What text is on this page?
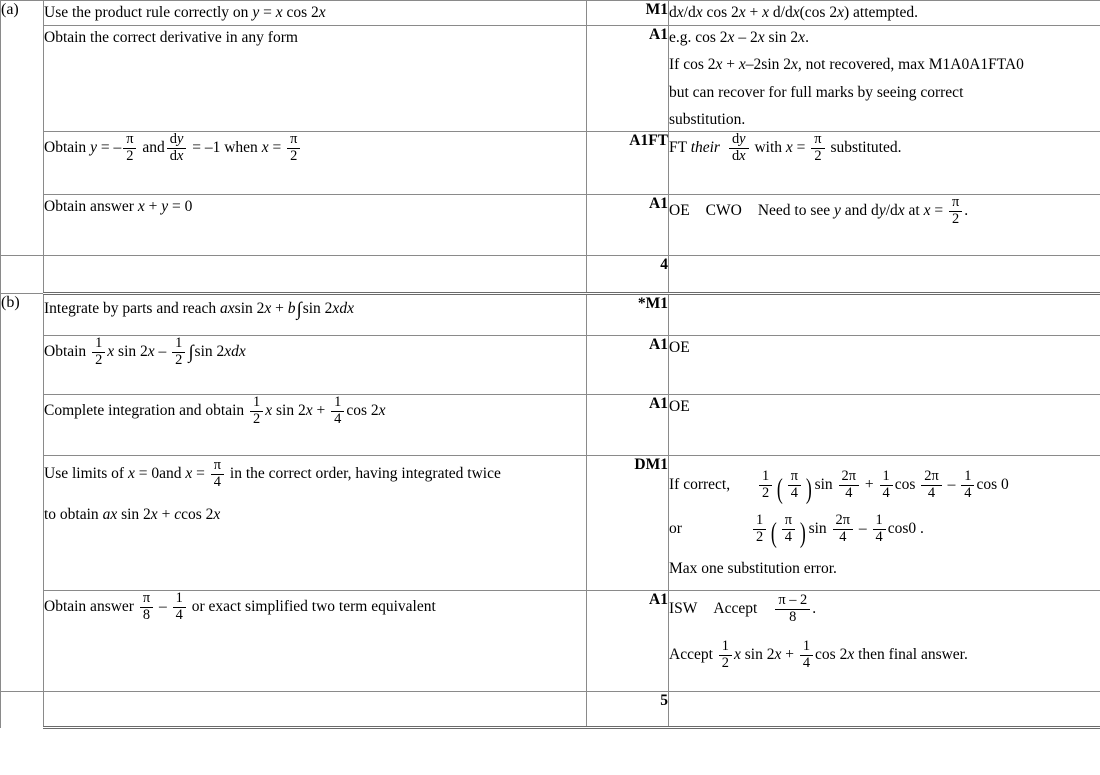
(a)	Use the product rule correctly on y = x cos 2x	M1	dx/dx cos 2x + x d/dx(cos 2x) attempted.
	Obtain the correct derivative in any form	A1	e.g. cos 2x – 2x sin 2x.
If cos 2x + x–2sin 2x, not recovered, max M1A0A1FTA0
but can recover for full marks by seeing correct
substitution.

Obtain y = – $\frac{\pi}{2}$ and $\frac{dy}{dx} = -1$ when $x = \frac{\pi}{2}$	A1FT	FT their $\frac{dy}{dx}$ with $x = \frac{\pi}{2}$ substituted.
	Obtain answer x + y = 0	A1	OE CWO Need to see y and dy/dx at $x = \frac{\pi}{2}$ .
		4	
(b)	Integrate by parts and reach axsin 2x + b∫sin 2xdx	*M1	
Obtain $\frac{1}{2}$ x $\sin 2x - \frac{1}{2} \int\sin$ 2xdx	A1	OE
Complete integration and obtain $\frac{1}{2}$ x $\sin 2x + \frac{1}{4}$ cos 2x	A1	OE

Use limits of x = 0and $x = \frac{\pi}{4}$ in the correct order, having integrated twice
to obtain ax sin 2x + ccos 2x
	DM1	
If correct, $\frac{1}{2}$ ( $\frac{\pi}{4}$ ) $\sin \frac{2\pi}{4} + \frac{1}{4}$ $\cos \frac{2\pi}{4} - \frac{1}{4}$ cos 0
or	$\frac{1}{2}$ ( $\frac{\pi}{4}$ ) $\sin \frac{2\pi}{4} - \frac{1}{4} \cos 0$ .
Max one substitution error.

Obtain answer $\frac{\pi}{8} - \frac{1}{4}$ or exact simplified two term equivalent	A1	
ISW Accept $\frac{\pi - 2}{8}$ .
Accept $\frac{1}{2}$ x $\sin 2x + \frac{1}{4}$ cos 2x then final answer.

		5	
